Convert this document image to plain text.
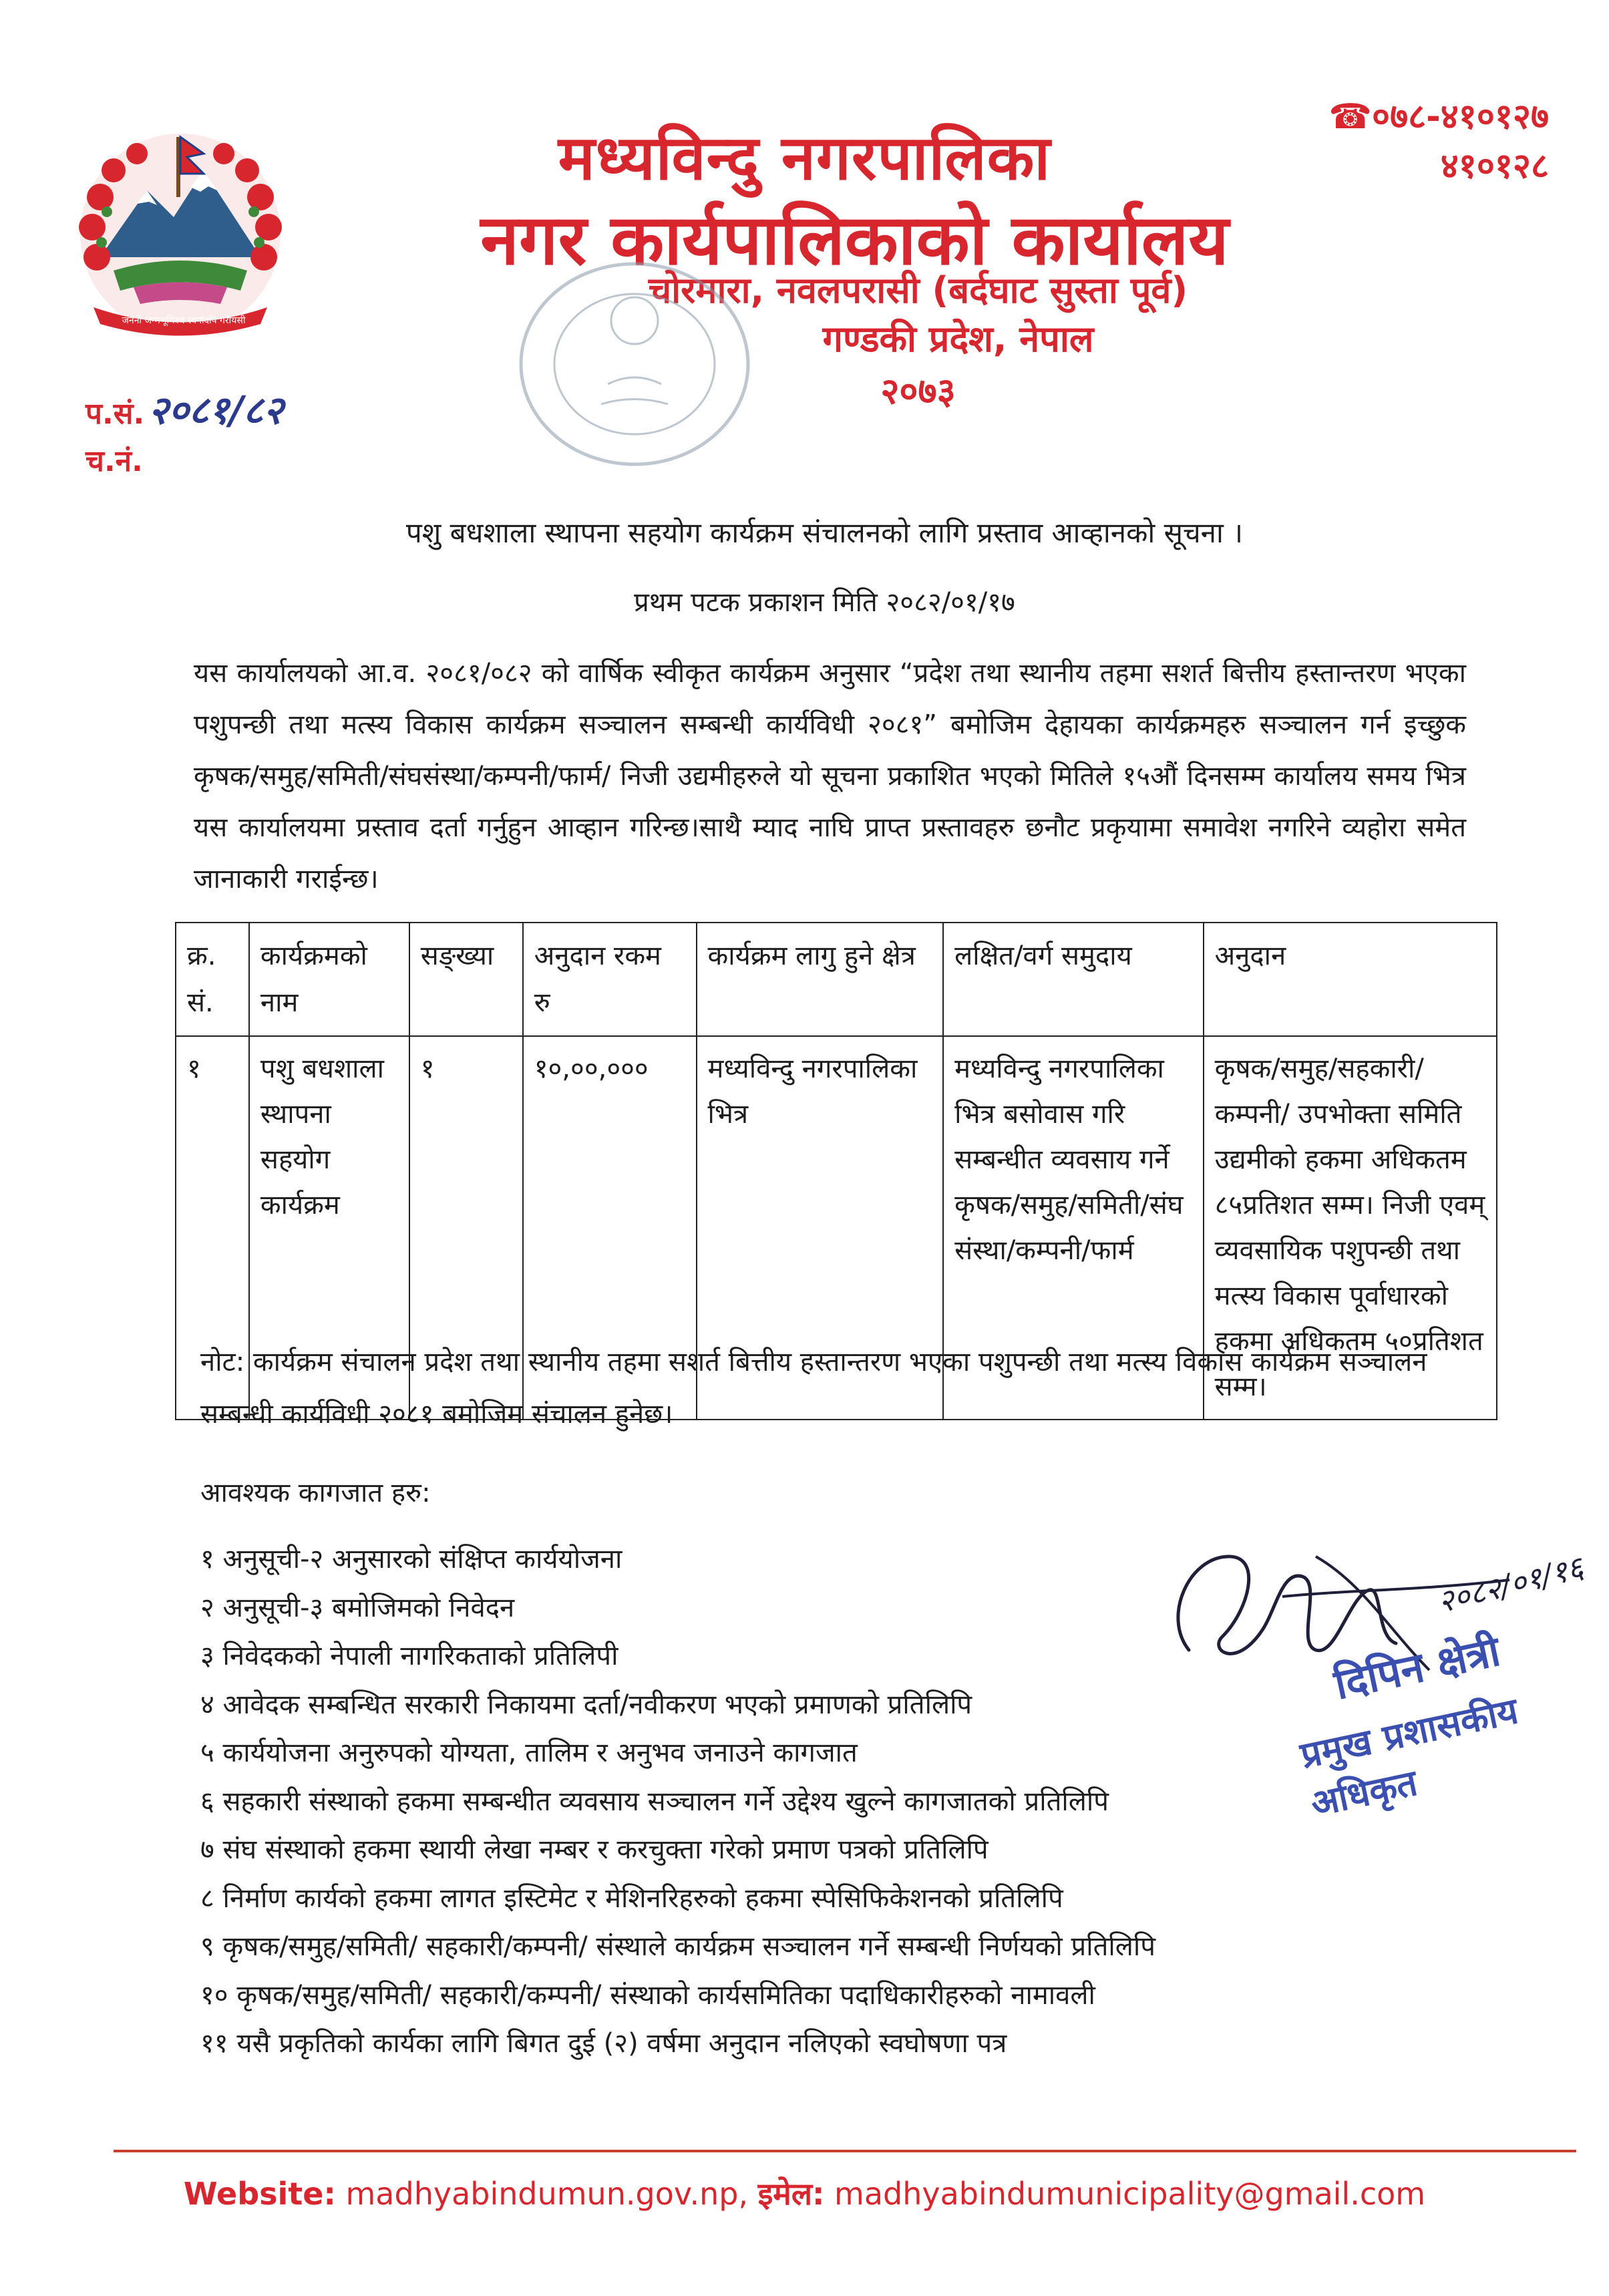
जननी जन्मभूमिश्च स्वर्गादपि गरीयसी
मध्यविन्दु नगरपालिका
नगर कार्यपालिकाको कार्यालय
चोरमारा, नवलपरासी (बर्दघाट सुस्ता पूर्व)
गण्डकी प्रदेश, नेपाल
२०७३
☎०७८-४१०१२७
४१०१२८
प.सं. २०८१/८२
च.नं.
पशु बधशाला स्थापना सहयोग कार्यक्रम संचालनको लागि प्रस्ताव आव्हानको सूचना ।
प्रथम पटक प्रकाशन मिति २०८२/०१/१७
यस कार्यालयको आ.व. २०८१/०८२ को वार्षिक स्वीकृत कार्यक्रम अनुसार “प्रदेश तथा स्थानीय तहमा सशर्त बित्तीय हस्तान्तरण भएका पशुपन्छी तथा मत्स्य विकास कार्यक्रम सञ्चालन सम्बन्धी कार्यविधी २०८१” बमोजिम देहायका कार्यक्रमहरु सञ्चालन गर्न इच्छुक कृषक/समुह/समिती/संघसंस्था/कम्पनी/फार्म/ निजी उद्यमीहरुले यो सूचना प्रकाशित भएको मितिले १५औं दिनसम्म कार्यालय समय भित्र यस कार्यालयमा प्रस्ताव दर्ता गर्नुहुन आव्हान गरिन्छ।साथै म्याद नाघि प्राप्त प्रस्तावहरु छनौट प्रकृयामा समावेश नगरिने व्यहोरा समेत जानाकारी गराईन्छ।
क्र. सं.	कार्यक्रमको नाम	सङ्ख्या	अनुदान रकम रु	कार्यक्रम लागु हुने क्षेत्र	लक्षित/वर्ग समुदाय	अनुदान
१	पशु बधशाला स्थापना सहयोग कार्यक्रम	१	१०,००,०००	मध्यविन्दु नगरपालिका भित्र	मध्यविन्दु नगरपालिका भित्र बसोवास गरि सम्बन्धीत व्यवसाय गर्ने कृषक/समुह/समिती/संघ संस्था/कम्पनी/फार्म	कृषक/समुह/सहकारी/कम्पनी/ उपभोक्ता समिति उद्यमीको हकमा अधिकतम ८५प्रतिशत सम्म। निजी एवम् व्यवसायिक पशुपन्छी तथा मत्स्य विकास पूर्वाधारको हकमा अधिकतम ५०प्रतिशत सम्म।
नोट: कार्यक्रम संचालन प्रदेश तथा स्थानीय तहमा सशर्त बित्तीय हस्तान्तरण भएका पशुपन्छी तथा मत्स्य विकास कार्यक्रम सञ्चालन सम्बन्धी कार्यविधी २०८१ बमोजिम संचालन हुनेछ।
आवश्यक कागजात हरु:
१ अनुसूची-२ अनुसारको संक्षिप्त कार्ययोजना
२ अनुसूची-३ बमोजिमको निवेदन
३ निवेदकको नेपाली नागरिकताको प्रतिलिपी
४ आवेदक सम्बन्धित सरकारी निकायमा दर्ता/नवीकरण भएको प्रमाणको प्रतिलिपि
५ कार्ययोजना अनुरुपको योग्यता, तालिम र अनुभव जनाउने कागजात
६ सहकारी संस्थाको हकमा सम्बन्धीत व्यवसाय सञ्चालन गर्ने उद्देश्य खुल्ने कागजातको प्रतिलिपि
७ संघ संस्थाको हकमा स्थायी लेखा नम्बर र करचुक्ता गरेको प्रमाण पत्रको प्रतिलिपि
८ निर्माण कार्यको हकमा लागत इस्टिमेट र मेशिनरिहरुको हकमा स्पेसिफिकेशनको प्रतिलिपि
९ कृषक/समुह/समिती/ सहकारी/कम्पनी/ संस्थाले कार्यक्रम सञ्चालन गर्ने सम्बन्धी निर्णयको प्रतिलिपि
१० कृषक/समुह/समिती/ सहकारी/कम्पनी/ संस्थाको कार्यसमितिका पदाधिकारीहरुको नामावली
११ यसै प्रकृतिको कार्यका लागि बिगत दुई (२) वर्षमा अनुदान नलिएको स्वघोषणा पत्र
२०८२/०१/१६
दिपिन क्षेत्री
प्रमुख प्रशासकीय अधिकृत
Website: madhyabindumun.gov.np, इमेल: madhyabindumunicipality@gmail.com
